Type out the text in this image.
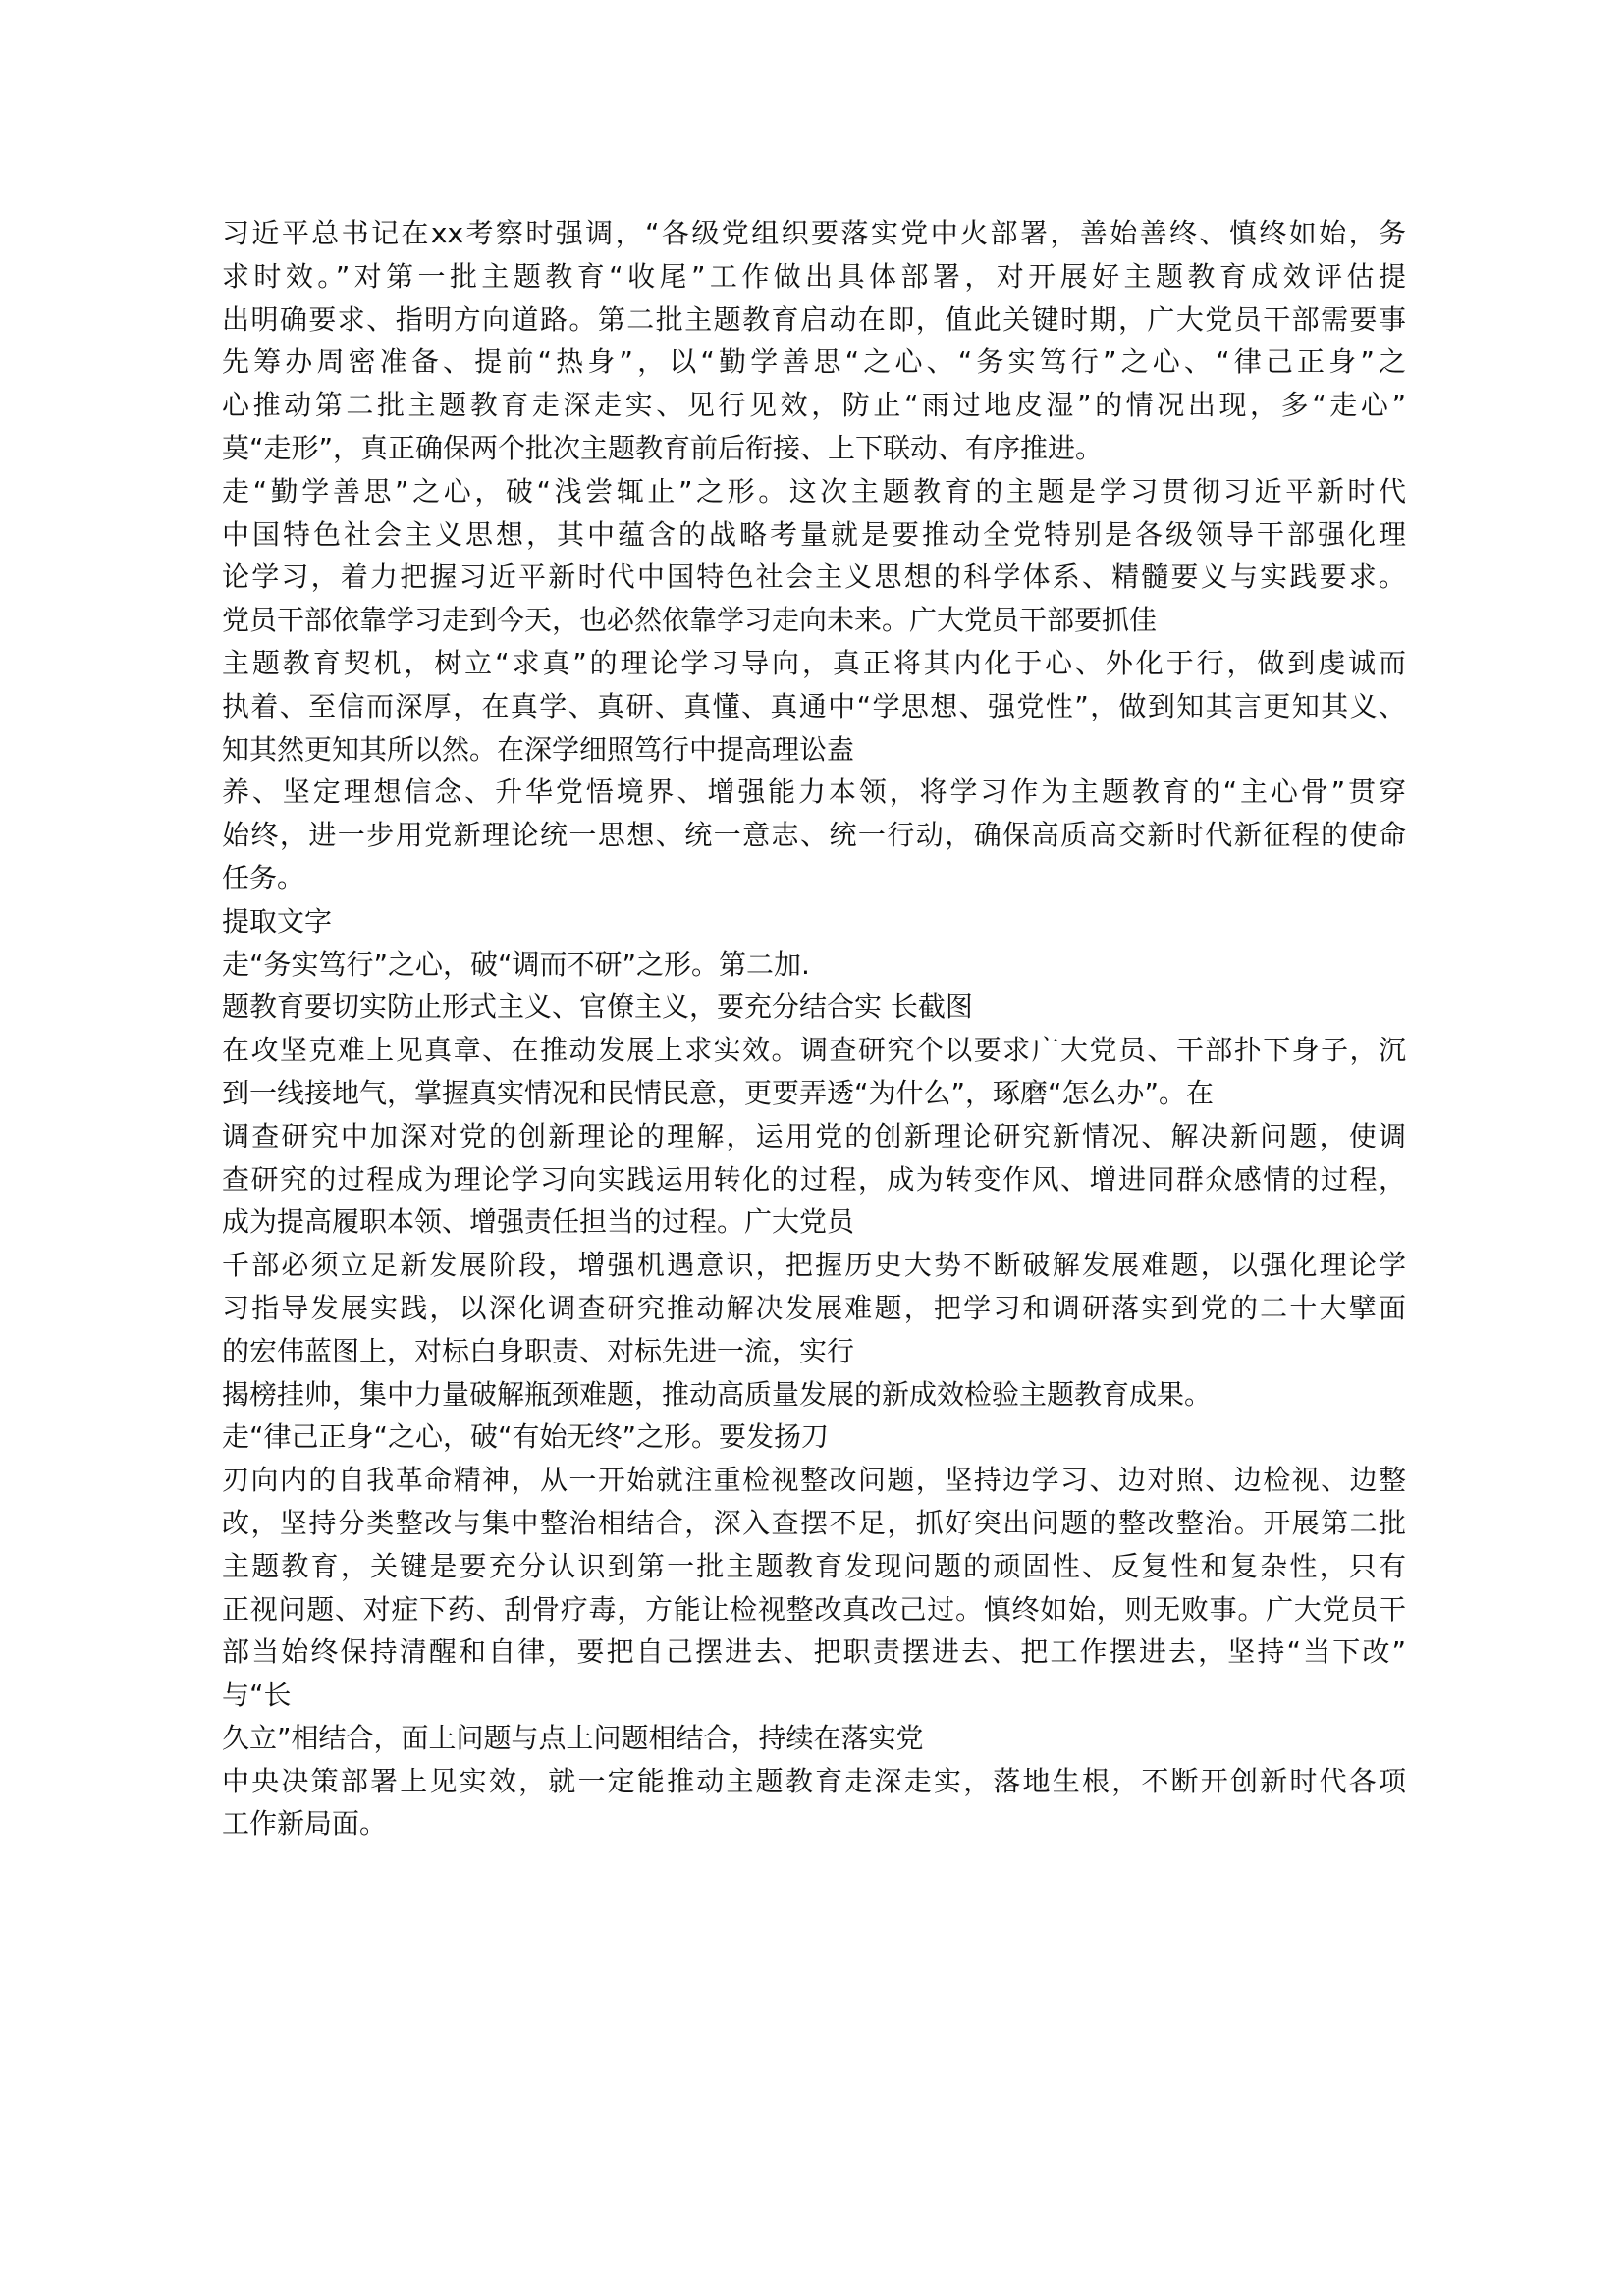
习近平总书记在xx考察时强调，“各级党组织要落实党中火部署，善始善终、慎终如始，务
求时效。”对第一批主题教育“收尾”工作做出具体部署，对开展好主题教育成效评估提
出明确要求、指明方向道路。第二批主题教育启动在即，值此关键时期，广大党员干部需要事
先筹办周密准备、提前“热身”，以“勤学善思“之心、“务实笃行”之心、“律己正身”之
心推动第二批主题教育走深走实、见行见效，防止“雨过地皮湿”的情况出现，多“走心”
莫“走形”，真正确保两个批次主题教育前后衔接、上下联动、有序推进。
走“勤学善思”之心，破“浅尝辄止”之形。这次主题教育的主题是学习贯彻习近平新时代
中国特色社会主义思想，其中蕴含的战略考量就是要推动全党特别是各级领导干部强化理
论学习，着力把握习近平新时代中国特色社会主义思想的科学体系、精髓要义与实践要求。
党员干部依靠学习走到今天，也必然依靠学习走向未来。广大党员干部要抓佳
主题教育契机，树立“求真”的理论学习导向，真正将其内化于心、外化于行，做到虔诚而
执着、至信而深厚，在真学、真研、真懂、真通中“学思想、强党性”，做到知其言更知其义、
知其然更知其所以然。在深学细照笃行中提高理讼盍
养、坚定理想信念、升华党悟境界、增强能力本领，将学习作为主题教育的“主心骨”贯穿
始终，进一步用党新理论统一思想、统一意志、统一行动，确保高质高交新时代新征程的使命
任务。
提取文字
走“务实笃行”之心，破“调而不研”之形。第二加.
题教育要切实防止形式主义、官僚主义，要充分结合实 长截图
在攻坚克难上见真章、在推动发展上求实效。调查研究个以要求广大党员、干部扑下身子，沉
到一线接地气，掌握真实情况和民情民意，更要弄透“为什么”，琢磨“怎么办”。在
调查研究中加深对党的创新理论的理解，运用党的创新理论研究新情况、解决新问题，使调
查研究的过程成为理论学习向实践运用转化的过程，成为转变作风、增进同群众感情的过程，
成为提高履职本领、增强责任担当的过程。广大党员
千部必须立足新发展阶段，增强机遇意识，把握历史大势不断破解发展难题，以强化理论学
习指导发展实践，以深化调查研究推动解决发展难题，把学习和调研落实到党的二十大擘面
的宏伟蓝图上，对标白身职责、对标先进一流，实行
揭榜挂帅，集中力量破解瓶颈难题，推动高质量发展的新成效检验主题教育成果。
走“律己正身“之心，破“有始无终”之形。要发扬刀
刃向内的自我革命精神，从一开始就注重检视整改问题，坚持边学习、边对照、边检视、边整
改，坚持分类整改与集中整治相结合，深入查摆不足，抓好突出问题的整改整治。开展第二批
主题教育，关键是要充分认识到第一批主题教育发现问题的顽固性、反复性和复杂性，只有
正视问题、对症下药、刮骨疗毒，方能让检视整改真改己过。慎终如始，则无败事。广大党员干
部当始终保持清醒和自律，要把自己摆进去、把职责摆进去、把工作摆进去，坚持“当下改”
与“长
久立”相结合，面上问题与点上问题相结合，持续在落实党
中央决策部署上见实效，就一定能推动主题教育走深走实，落地生根，不断开创新时代各项
工作新局面。
